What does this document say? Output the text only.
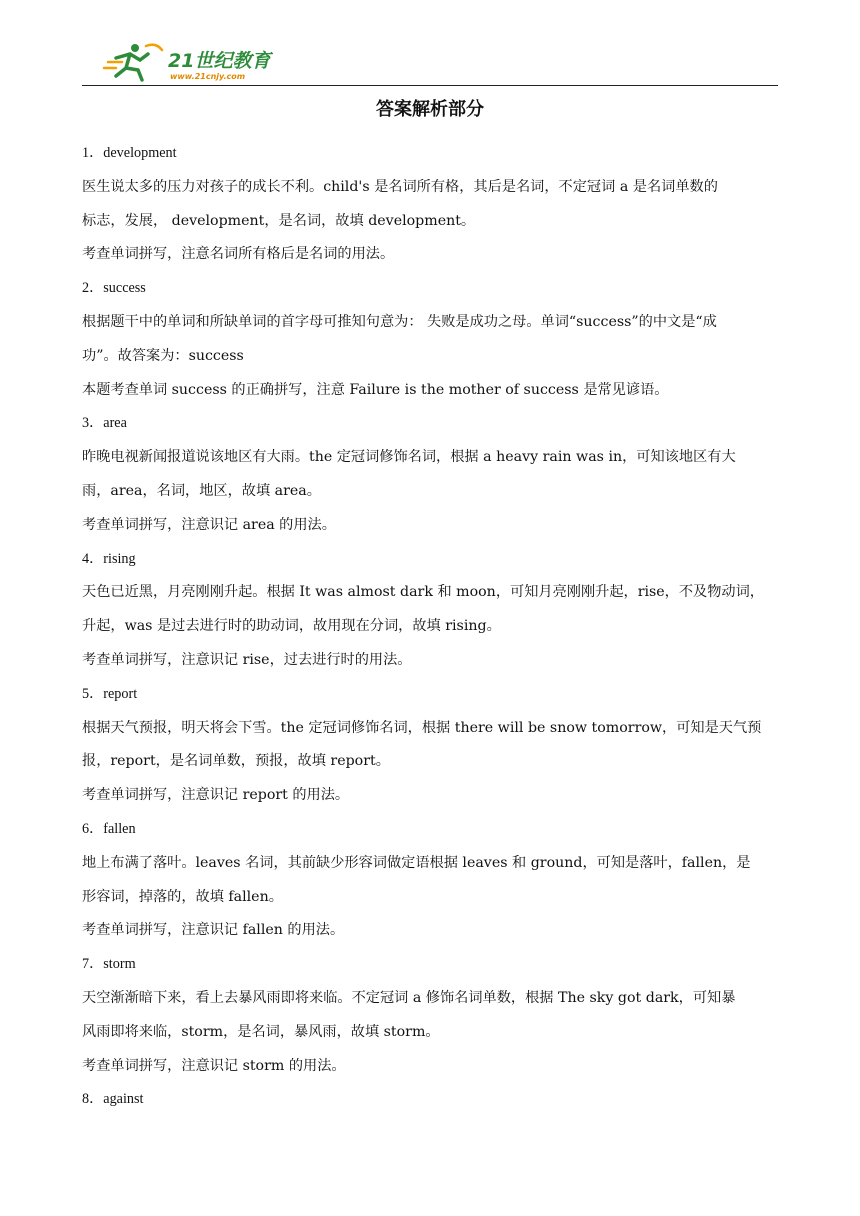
21世纪教育
www.21cnjy.com
答案解析部分
1．development
医生说太多的压力对孩子的成长不利。child's 是名词所有格，其后是名词，不定冠词 a 是名词单数的
标志，发展， development，是名词，故填 development。
考查单词拼写，注意名词所有格后是名词的用法。
2．success
根据题干中的单词和所缺单词的首字母可推知句意为： 失败是成功之母。单词“success”的中文是“成
功”。故答案为：success
本题考查单词 success 的正确拼写，注意 Failure is the mother of success 是常见谚语。
3．area
昨晚电视新闻报道说该地区有大雨。the 定冠词修饰名词，根据 a heavy rain was in，可知该地区有大
雨，area，名词，地区，故填 area。
考查单词拼写，注意识记 area 的用法。
4．rising
天色已近黑，月亮刚刚升起。根据 It was almost dark 和 moon，可知月亮刚刚升起，rise，不及物动词，
升起，was 是过去进行时的助动词，故用现在分词，故填 rising。
考查单词拼写，注意识记 rise，过去进行时的用法。
5．report
根据天气预报，明天将会下雪。the 定冠词修饰名词，根据 there will be snow tomorrow，可知是天气预
报，report，是名词单数，预报，故填 report。
考查单词拼写，注意识记 report 的用法。
6．fallen
地上布满了落叶。leaves 名词，其前缺少形容词做定语根据 leaves 和 ground，可知是落叶，fallen，是
形容词，掉落的，故填 fallen。
考查单词拼写，注意识记 fallen 的用法。
7．storm
天空渐渐暗下来，看上去暴风雨即将来临。不定冠词 a 修饰名词单数，根据 The sky got dark，可知暴
风雨即将来临，storm，是名词，暴风雨，故填 storm。
考查单词拼写，注意识记 storm 的用法。
8．against
